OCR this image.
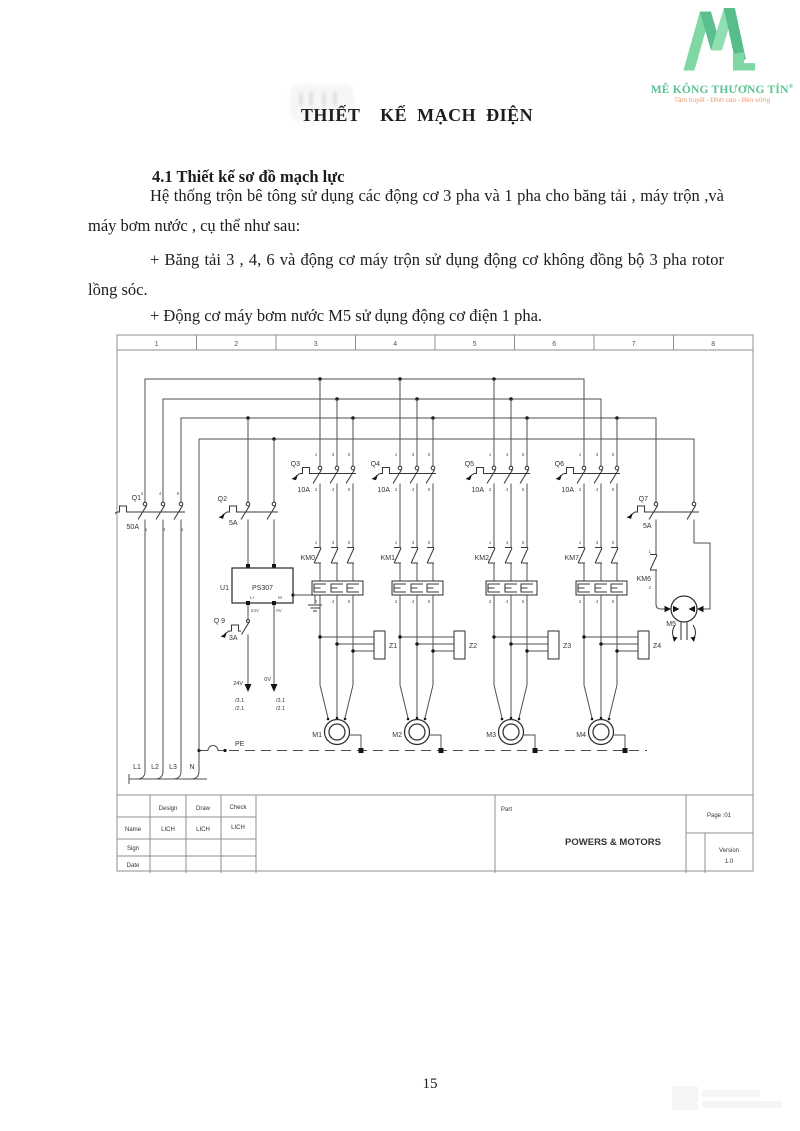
MÊ KÔNG THƯƠNG TÍN®
Tâm huyết - Đỉnh cao - Bền vững
THIẾT  KẾ MẠCH ĐIỆN
4.1 Thiết kế sơ đồ mạch lực

Hệ thống trộn bê tông sử dụng các động cơ 3 pha và 1 pha cho băng tải , máy trộn ,và máy bơm nước , cụ thể như sau:

+ Băng tải 3 , 4, 6 và động cơ máy trộn sử dụng động cơ không đồng bộ 3 pha rotor lồng sóc.

+ Động cơ máy bơm nước M5 sử dụng động cơ điện 1 pha.

1	2	3	4	5	6	7	8
246
Q1
50A 135
L1 L2 L3 N
PE
Q2
5A
U1	PS307
L+	M
24V	0V
Q 9
3A
24V
0V
/3.1
/2.1
/3.1
/2.1
135
Q3
10A 246
135
KM0
246
Z1
M1
135
Q4
10A 246
135
KM1
246
Z2
M2
135
Q5
10A 246
135
KM2
246
Z3
M3
135
Q6
10A 246
135
KM7
246
Z4
M4
Q7
5A
1
KM6
2
M5
Design	Draw	Check
Name	LICH	LICH	LICH
Sign
Date
Part
POWERS & MOTORS
Page :01
Version
1.0
15
